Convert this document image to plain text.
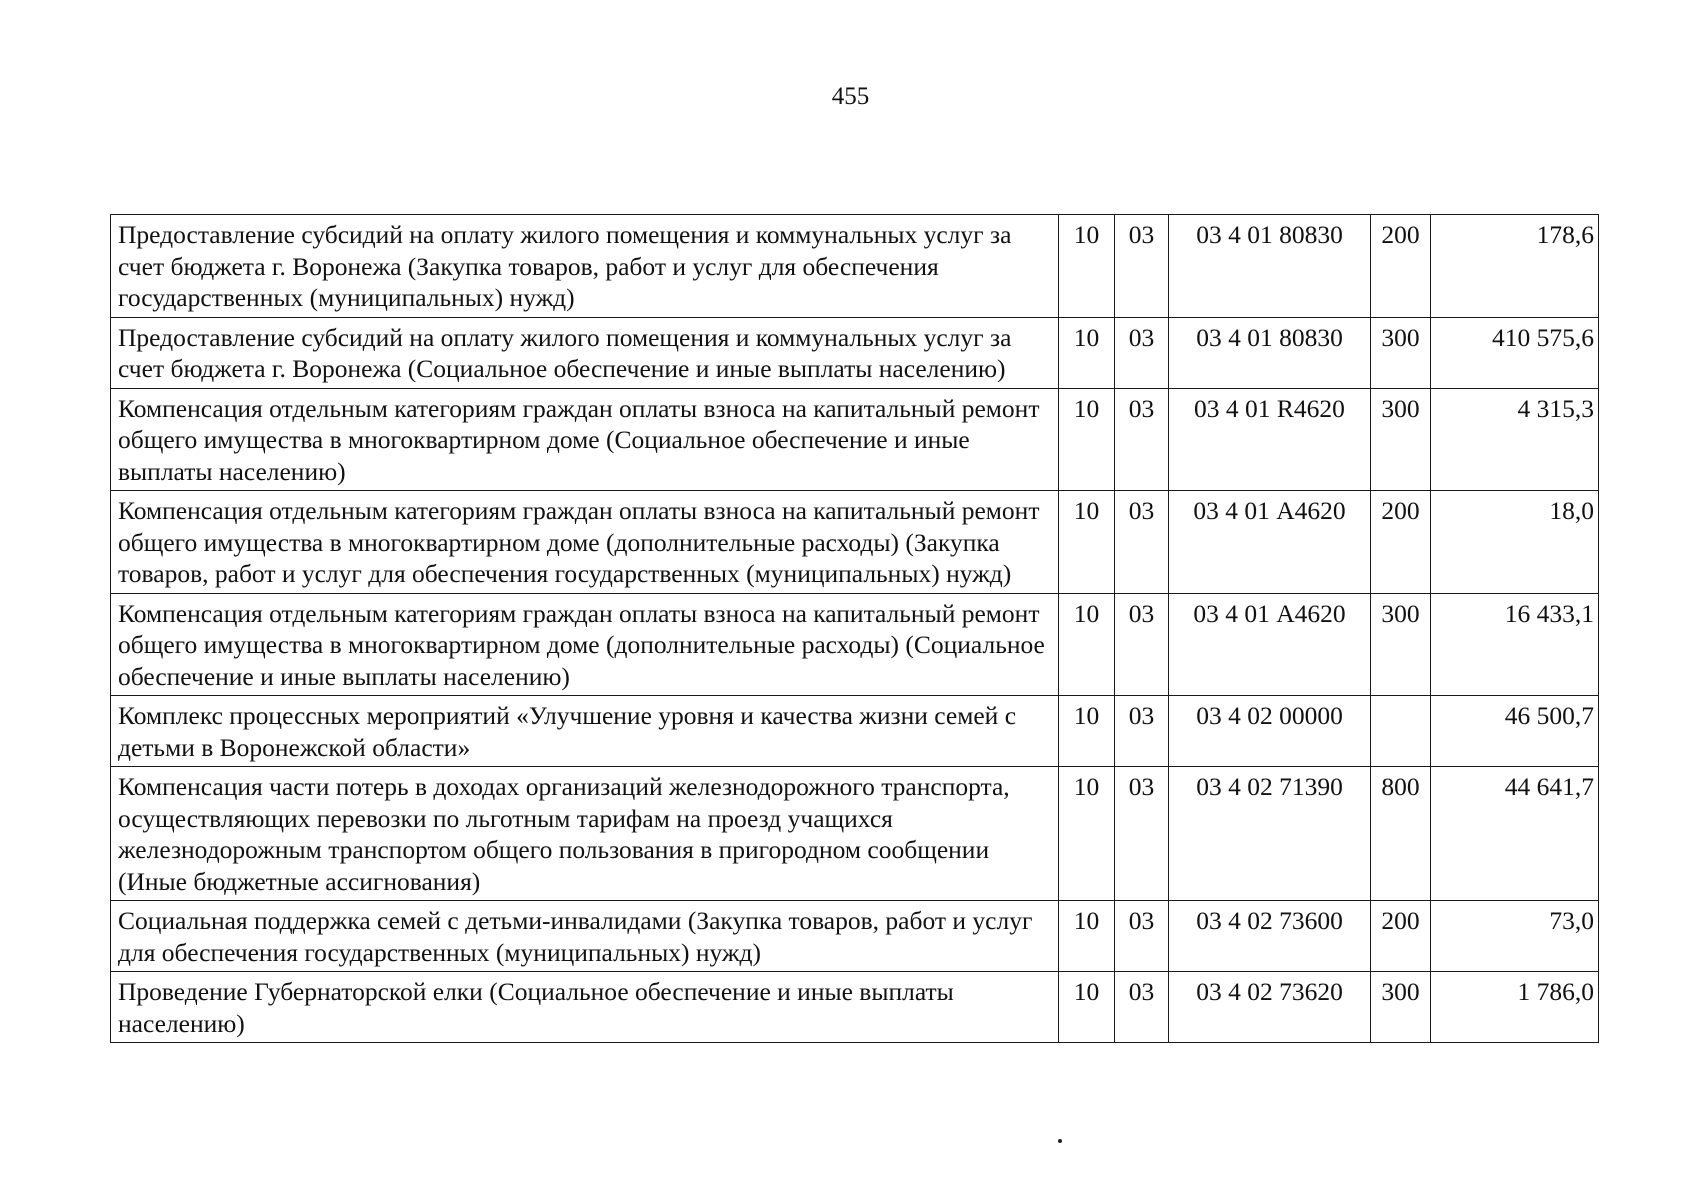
455
Предоставление субсидий на оплату жилого помещения и коммунальных услуг за счет бюджета г. Воронежа (Закупка товаров, работ и услуг для обеспечения государственных (муниципальных) нужд)	10	03	03 4 01 80830	200	178,6
Предоставление субсидий на оплату жилого помещения и коммунальных услуг за счет бюджета г. Воронежа (Социальное обеспечение и иные выплаты населению)	10	03	03 4 01 80830	300	410 575,6
Компенсация отдельным категориям граждан оплаты взноса на капитальный ремонт общего имущества в многоквартирном доме (Социальное обеспечение и иные выплаты населению)	10	03	03 4 01 R4620	300	4 315,3
Компенсация отдельным категориям граждан оплаты взноса на капитальный ремонт общего имущества в многоквартирном доме (дополнительные расходы) (Закупка товаров, работ и услуг для обеспечения государственных (муниципальных) нужд)	10	03	03 4 01 А4620	200	18,0
Компенсация отдельным категориям граждан оплаты взноса на капитальный ремонт общего имущества в многоквартирном доме (дополнительные расходы) (Социальное обеспечение и иные выплаты населению)	10	03	03 4 01 А4620	300	16 433,1
Комплекс процессных мероприятий «Улучшение уровня и качества жизни семей с детьми в Воронежской области»	10	03	03 4 02 00000		46 500,7
Компенсация части потерь в доходах организаций железнодорожного транспорта, осуществляющих перевозки по льготным тарифам на проезд учащихся железнодорожным транспортом общего пользования в пригородном сообщении (Иные бюджетные ассигнования)	10	03	03 4 02 71390	800	44 641,7
Социальная поддержка семей с детьми-инвалидами (Закупка товаров, работ и услуг для обеспечения государственных (муниципальных) нужд)	10	03	03 4 02 73600	200	73,0
Проведение Губернаторской елки (Социальное обеспечение и иные выплаты населению)	10	03	03 4 02 73620	300	1 786,0
